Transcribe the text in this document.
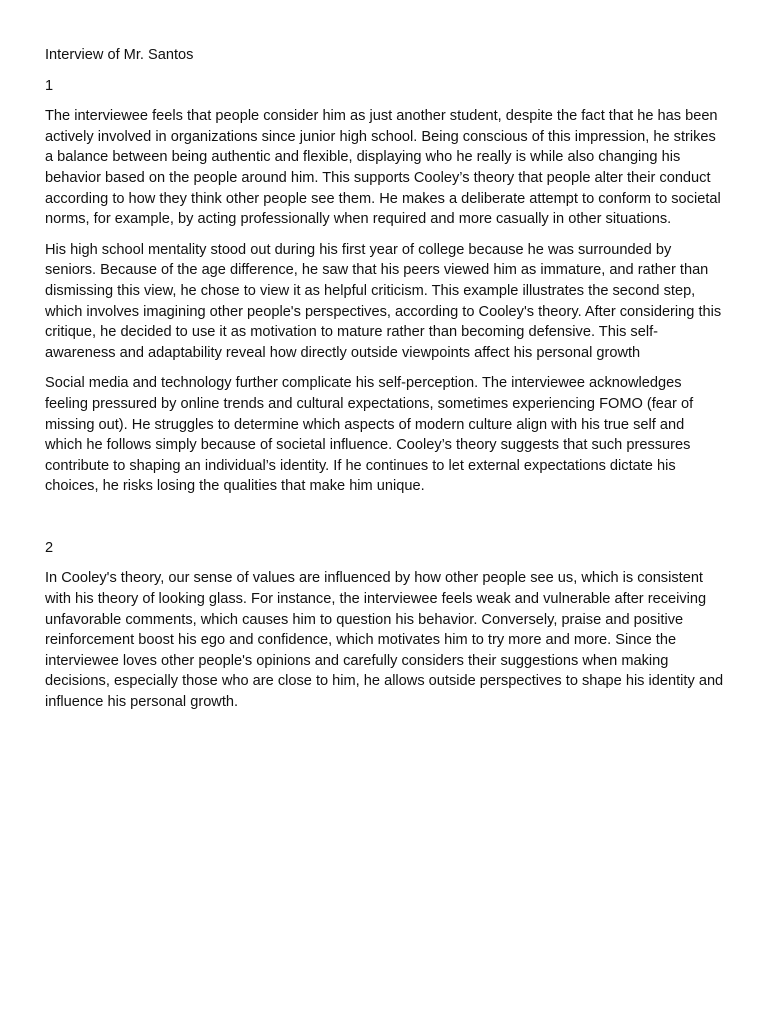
Interview of Mr. Santos
1

The interviewee feels that people consider him as just another student, despite the fact that he has been actively involved in organizations since junior high school. Being conscious of this impression, he strikes a balance between being authentic and flexible, displaying who he really is while also changing his behavior based on the people around him. This supports Cooley’s theory that people alter their conduct according to how they think other people see them. He makes a deliberate attempt to conform to societal norms, for example, by acting professionally when required and more casually in other situations.

His high school mentality stood out during his first year of college because he was surrounded by seniors. Because of the age difference, he saw that his peers viewed him as immature, and rather than dismissing this view, he chose to view it as helpful criticism. This example illustrates the second step, which involves imagining other people's perspectives, according to Cooley's theory. After considering this critique, he decided to use it as motivation to mature rather than becoming defensive. This self-awareness and adaptability reveal how directly outside viewpoints affect his personal growth

Social media and technology further complicate his self-perception. The interviewee acknowledges feeling pressured by online trends and cultural expectations, sometimes experiencing FOMO (fear of missing out). He struggles to determine which aspects of modern culture align with his true self and which he follows simply because of societal influence. Cooley’s theory suggests that such pressures contribute to shaping an individual’s identity. If he continues to let external expectations dictate his choices, he risks losing the qualities that make him unique.

2

In Cooley's theory, our sense of values are influenced by how other people see us, which is consistent with his theory of looking glass. For instance, the interviewee feels weak and vulnerable after receiving unfavorable comments, which causes him to question his behavior. Conversely, praise and positive reinforcement boost his ego and confidence, which motivates him to try more and more. Since the interviewee loves other people's opinions and carefully considers their suggestions when making decisions, especially those who are close to him, he allows outside perspectives to shape his identity and influence his personal growth.
